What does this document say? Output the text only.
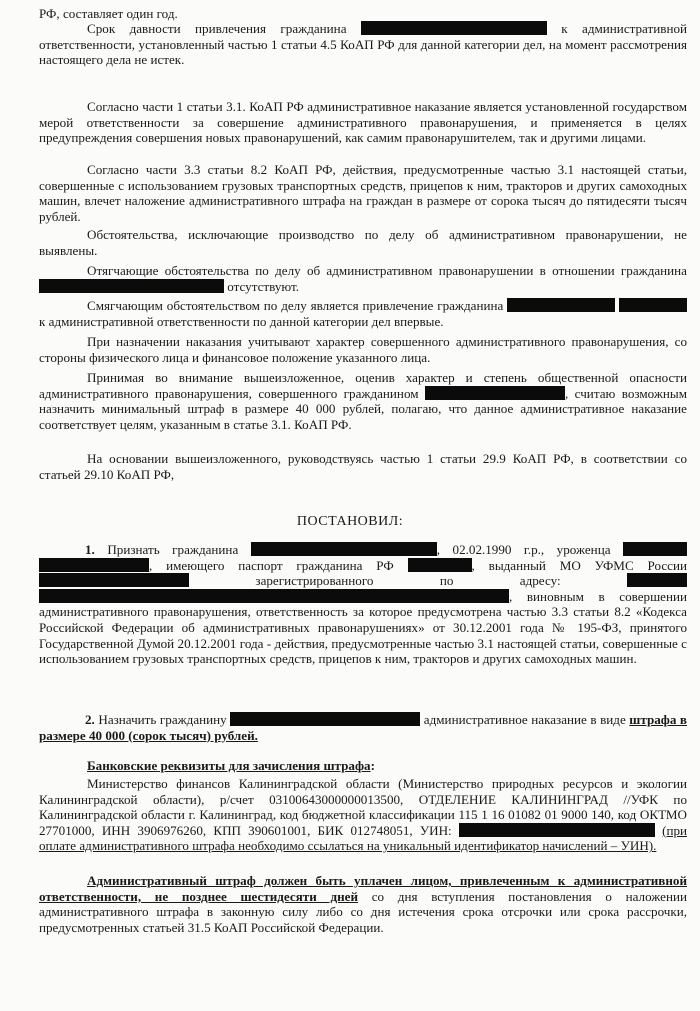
РФ, составляет один год.
Срок давности привлечения гражданина	к административной ответственности, установленный частью 1 статьи 4.5 КоАП РФ для данной категории дел, на момент рассмотрения настоящего дела не истек.
Согласно части 1 статьи 3.1. КоАП РФ административное наказание является установленной государством мерой ответственности за совершение административного правонарушения, и применяется в целях предупреждения совершения новых правонарушений, как самим правонарушителем, так и другими лицами.
Согласно части 3.3 статьи 8.2 КоАП РФ, действия, предусмотренные частью 3.1 настоящей статьи, совершенные с использованием грузовых транспортных средств, прицепов к ним, тракторов и других самоходных машин, влечет наложение административного штрафа на граждан в размере от сорока тысяч до пятидесяти тысяч рублей.
Обстоятельства, исключающие производство по делу об административном правонарушении, не выявлены.
Отягчающие обстоятельства по делу об административном правонарушении в отношении гражданина  отсутствуют.
Смягчающим обстоятельством по делу является привлечение гражданина   к административной ответственности по данной категории дел впервые.
При назначении наказания учитывают характер совершенного административного правонарушения, со стороны физического лица и финансовое положение указанного лица.
Принимая во внимание вышеизложенное, оценив характер и степень общественной опасности административного правонарушения, совершенного гражданином	, считаю возможным назначить минимальный штраф в размере 40 000 рублей, полагаю, что данное административное наказание соответствует целям, указанным в статье 3.1. КоАП РФ.
На основании вышеизложенного, руководствуясь частью 1 статьи 29.9 КоАП РФ, в соответствии со статьей 29.10 КоАП РФ,
ПОСТАНОВИЛ:
1. Признать гражданина	, 02.02.1990 г.р., уроженца  , имеющего паспорт гражданина РФ	, выданный МО УФМС России  зарегистрированного по адресу:  , виновным в совершении административного правонарушения, ответственность за которое предусмотрена частью 3.3 статьи 8.2 «Кодекса Российской Федерации об административных правонарушениях» от 30.12.2001 года № 195-ФЗ, принятого Государственной Думой 20.12.2001 года - действия, предусмотренные частью 3.1 настоящей статьи, совершенные с использованием грузовых транспортных средств, прицепов к ним, тракторов и других самоходных машин.
2. Назначить гражданину	административное наказание в виде штрафа в размере 40 000 (сорок тысяч) рублей.
Банковские реквизиты для зачисления штрафа:
Министерство финансов Калининградской области (Министерство природных ресурсов и экологии Калининградской области), р/счет 03100643000000013500, ОТДЕЛЕНИЕ КАЛИНИНГРАД //УФК по Калининградской области г. Калининград, код бюджетной классификации 115 1 16 01082 01 9000 140, код ОКТМО 27701000, ИНН 3906976260, КПП 390601001, БИК 012748051, УИН:	(при оплате административного штрафа необходимо ссылаться на уникальный идентификатор начислений – УИН).
Административный штраф должен быть уплачен лицом, привлеченным к административной ответственности, не позднее шестидесяти дней со дня вступления постановления о наложении административного штрафа в законную силу либо со дня истечения срока отсрочки или срока рассрочки, предусмотренных статьей 31.5 КоАП Российской Федерации.
